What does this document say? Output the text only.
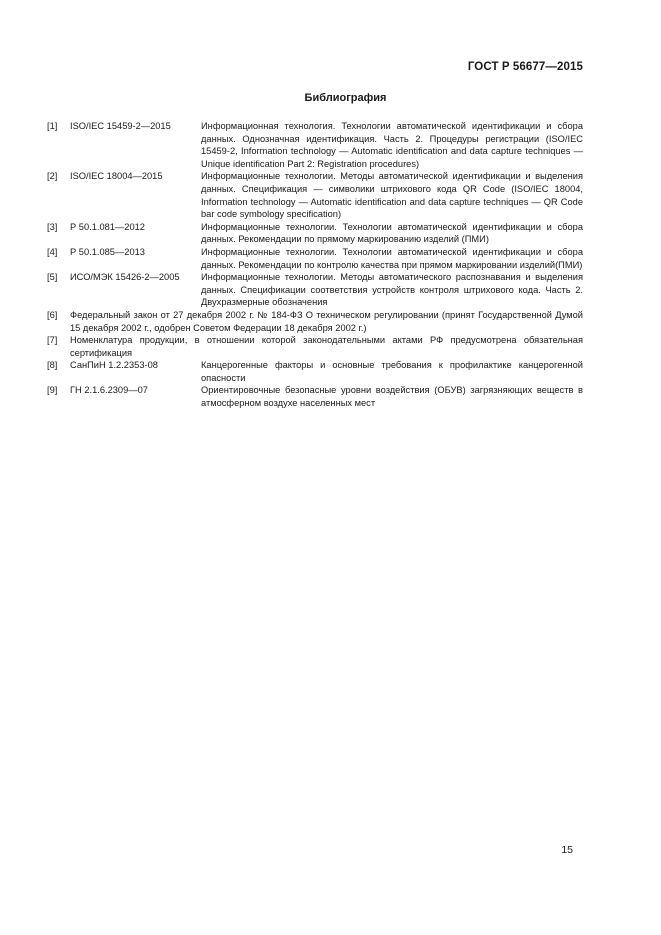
ГОСТ Р 56677—2015
Библиография
[1]	ISO/IEC 15459-2—2015	Информационная технология. Технологии автоматической идентификации и сбора данных. Однозначная идентификация. Часть 2. Процедуры регистрации (ISO/IEC 15459-2, Information technology — Automatic identification and data capture techniques — Unique identification Part 2: Registration procedures)
[2]	ISO/IEC 18004—2015	Информационные технологии. Методы автоматической идентификации и выделения данных. Спецификация — символики штрихового кода QR Code (ISO/IEC 18004, Information technology — Automatic identification and data capture techniques — QR Code bar code symbology specification)
[3]	Р 50.1.081—2012	Информационные технологии. Технологии автоматической идентификации и сбора данных. Рекомендации по прямому маркированию изделий (ПМИ)
[4]	Р 50.1.085—2013	Информационные технологии. Технологии автоматической идентификации и сбора данных. Рекомендации по контролю качества при прямом маркировании изделий(ПМИ)
[5]	ИСО/МЭК 15426-2—2005	Информационные технологии. Методы автоматического распознавания и выделения данных. Спецификации соответствия устройств контроля штрихового кода. Часть 2. Двухразмерные обозначения
[6]	Федеральный закон от 27 декабря 2002 г. № 184-ФЗ О техническом регулировании (принят Государственной Думой 15 декабря 2002 г., одобрен Советом Федерации 18 декабря 2002 г.)
[7]	Номенклатура продукции, в отношении которой законодательными актами РФ предусмотрена обязательная сертификация
[8]	СанПиН 1.2.2353-08	Канцерогенные факторы и основные требования к профилактике канцерогенной опасности
[9]	ГН 2.1.6.2309—07	Ориентировочные безопасные уровни воздействия (ОБУВ) загрязняющих веществ в атмосферном воздухе населенных мест
15
